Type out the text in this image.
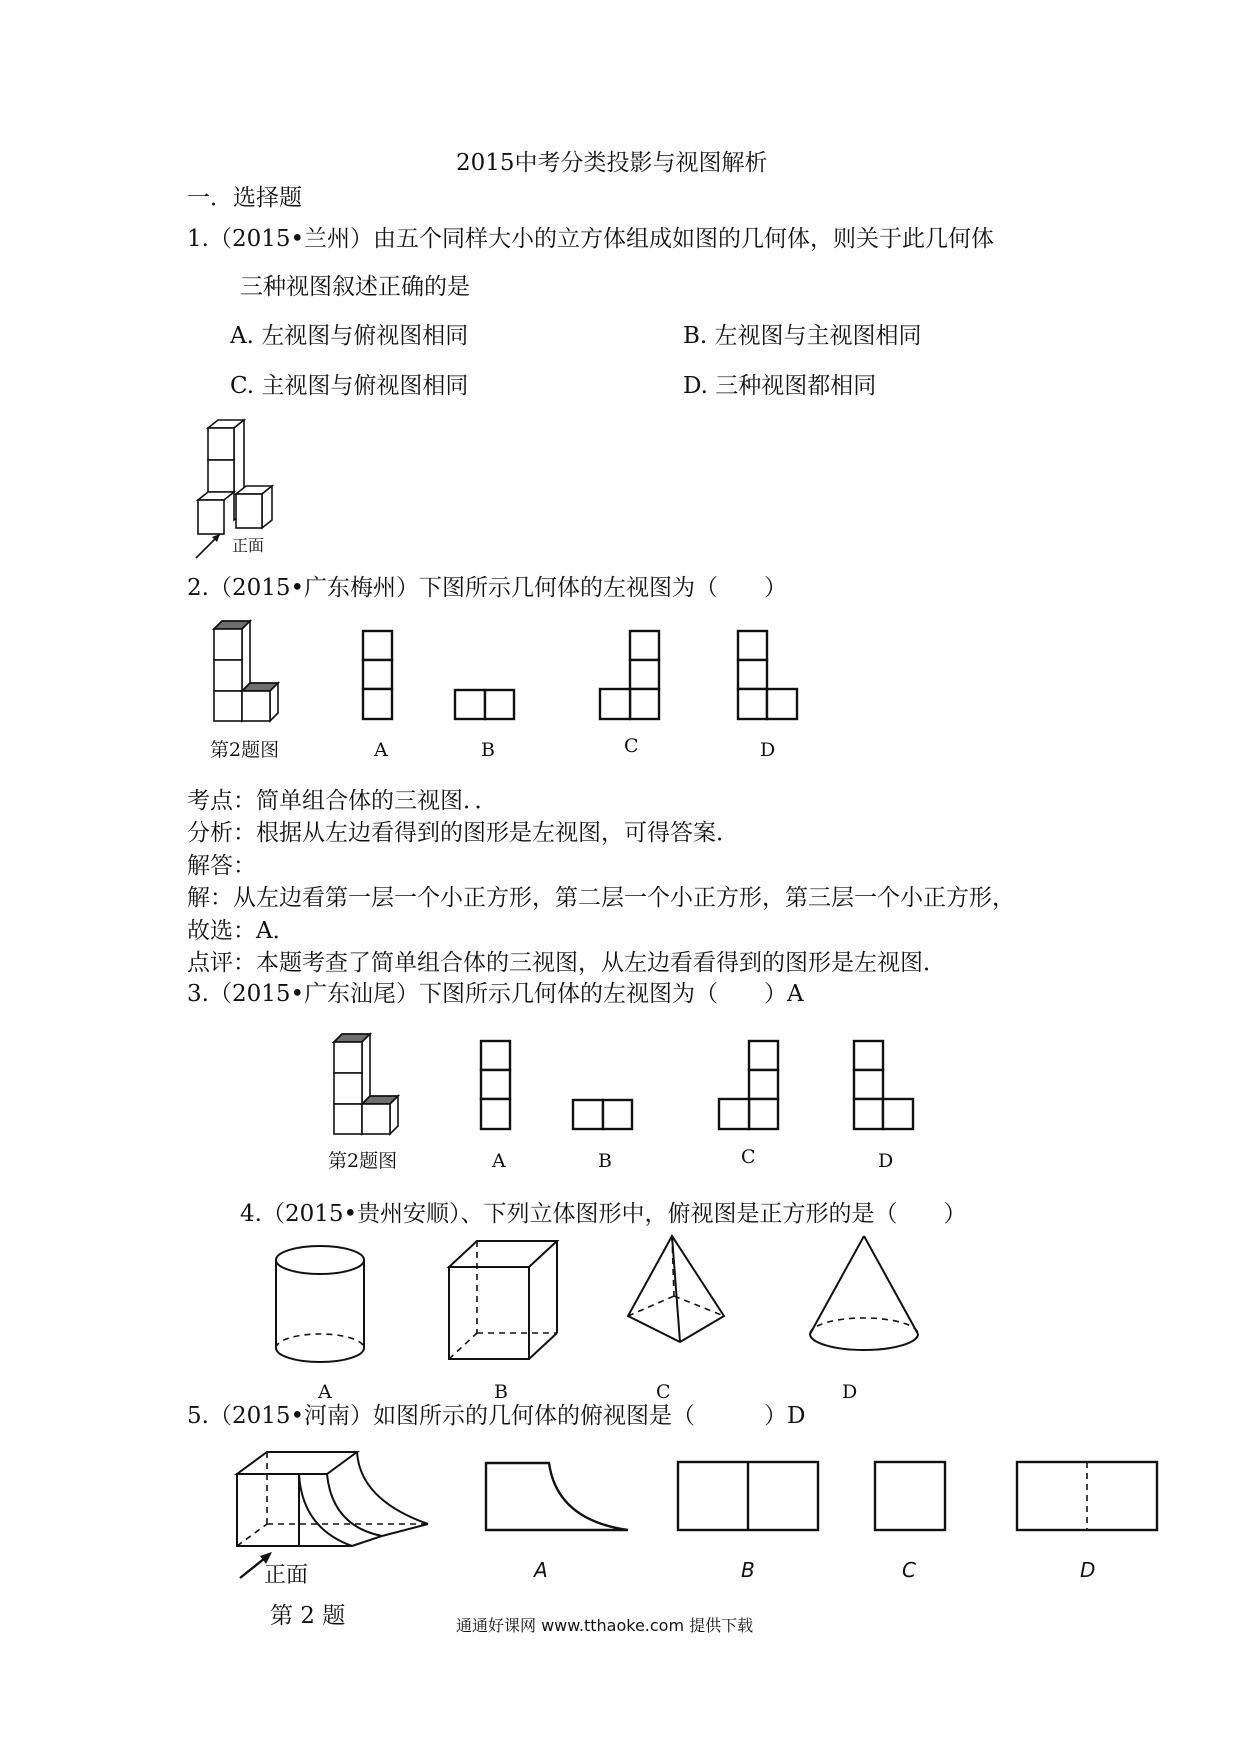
2015中考分类投影与视图解析
一．选择题
1.（2015•兰州）由五个同样大小的立方体组成如图的几何体，则关于此几何体
三种视图叙述正确的是
A. 左视图与俯视图相同	B. 左视图与主视图相同
C. 主视图与俯视图相同	D. 三种视图都相同
正面
2.（2015•广东梅州）下图所示几何体的左视图为（　　）
第2题图	A	B	C	D
考点：简单组合体的三视图．．
分析：根据从左边看得到的图形是左视图，可得答案．
解答：
解：从左边看第一层一个小正方形，第二层一个小正方形，第三层一个小正方形，
故选：A．
点评：本题考查了简单组合体的三视图，从左边看看得到的图形是左视图．
3.（2015•广东汕尾）下图所示几何体的左视图为（　　）A
第2题图	A	B	C	D
4.（2015•贵州安顺）、下列立体图形中，俯视图是正方形的是（　　）
A	B	C	D
5.（2015•河南）如图所示的几何体的俯视图是（　　　）D
正面
第 2 题
A	B	C	D
通通好课网 www.tthaoke.com 提供下载
